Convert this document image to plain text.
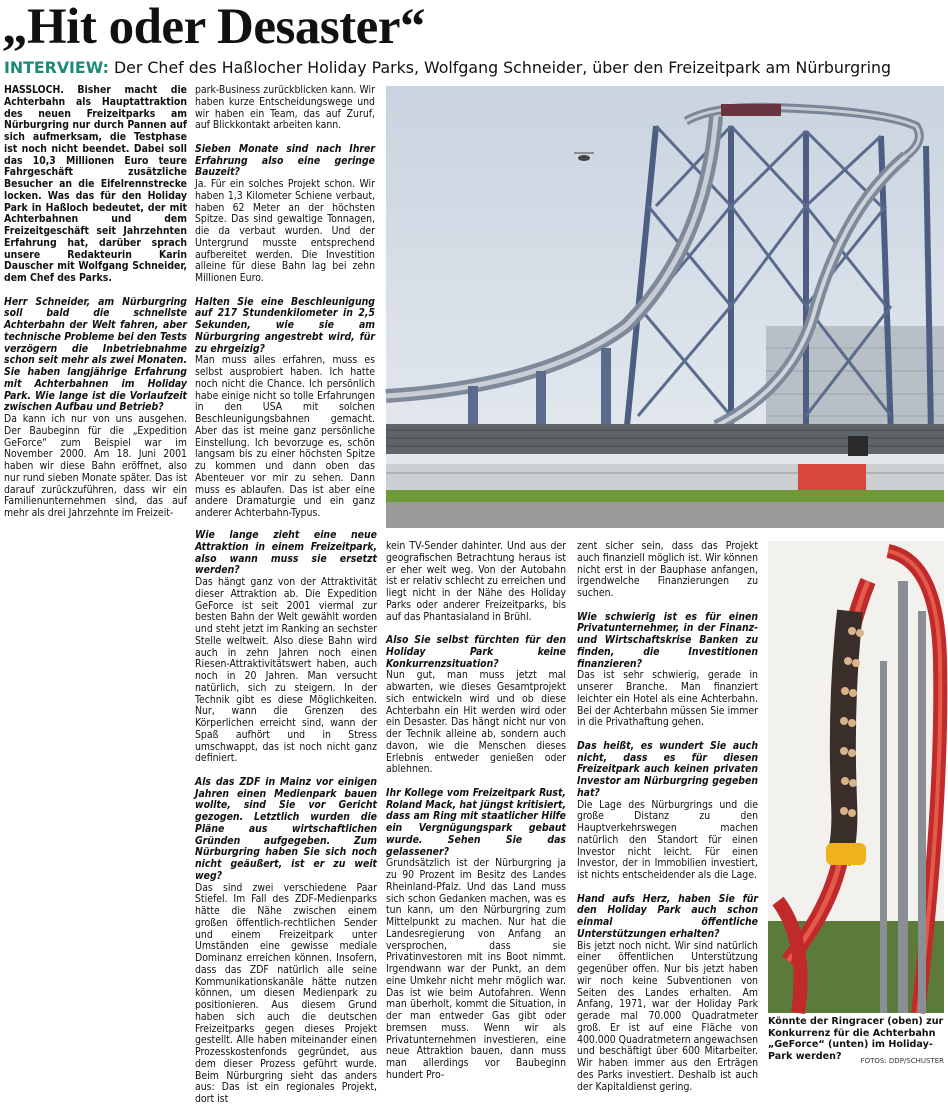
„Hit oder Desaster“
INTERVIEW: Der Chef des Haßlocher Holiday Parks, Wolfgang Schneider, über den Freizeitpark am Nürburgring

HASSLOCH. Bisher macht die Achterbahn als Hauptattraktion des neuen Freizeitparks am Nürburgring nur durch Pannen auf sich aufmerksam, die Testphase ist noch nicht beendet. Dabei soll das 10,3 Millionen Euro teure Fahrgeschäft zusätzliche Besucher an die Eifelrennstrecke locken. Was das für den Holiday Park in Haßloch bedeutet, der mit Achterbahnen und dem Freizeitgeschäft seit Jahrzehnten Erfahrung hat, darüber sprach unsere Redakteurin Karin Dauscher mit Wolfgang Schneider, dem Chef des Parks.

Herr Schneider, am Nürburgring soll bald die schnellste Achterbahn der Welt fahren, aber technische Probleme bei den Tests verzögern die Inbetriebnahme schon seit mehr als zwei Monaten. Sie haben langjährige Erfahrung mit Achterbahnen im Holiday Park. Wie lange ist die Vorlaufzeit zwischen Aufbau und Betrieb?

Da kann ich nur von uns ausgehen. Der Baubeginn für die „Expedition GeForce“ zum Beispiel war im November 2000. Am 18. Juni 2001 haben wir diese Bahn eröffnet, also nur rund sieben Monate später. Das ist darauf zurückzuführen, dass wir ein Familienunternehmen sind, das auf mehr als drei Jahrzehnte im Freizeit-

park-Business zurückblicken kann. Wir haben kurze Entscheidungswege und wir haben ein Team, das auf Zuruf, auf Blickkontakt arbeiten kann.

Sieben Monate sind nach Ihrer Erfahrung also eine geringe Bauzeit?

Ja. Für ein solches Projekt schon. Wir haben 1,3 Kilometer Schiene verbaut, haben 62 Meter an der höchsten Spitze. Das sind gewaltige Tonnagen, die da verbaut wurden. Und der Untergrund musste entsprechend aufbereitet werden. Die Investition alleine für diese Bahn lag bei zehn Millionen Euro.

Halten Sie eine Beschleunigung auf 217 Stundenkilometer in 2,5 Sekunden, wie sie am Nürburgring angestrebt wird, für zu ehrgeizig?

Man muss alles erfahren, muss es selbst ausprobiert haben. Ich hatte noch nicht die Chance. Ich persönlich habe einige nicht so tolle Erfahrungen in den USA mit solchen Beschleunigungsbahnen gemacht. Aber das ist meine ganz persönliche Einstellung. Ich bevorzuge es, schön langsam bis zu einer höchsten Spitze zu kommen und dann oben das Abenteuer vor mir zu sehen. Dann muss es ablaufen. Das ist aber eine andere Dramaturgie und ein ganz anderer Achterbahn-Typus.

Wie lange zieht eine neue Attraktion in einem Freizeitpark, also wann muss sie ersetzt werden?

Das hängt ganz von der Attraktivität dieser Attraktion ab. Die Expedition GeForce ist seit 2001 viermal zur besten Bahn der Welt gewählt worden und steht jetzt im Ranking an sechster Stelle weltweit. Also diese Bahn wird auch in zehn Jahren noch einen Riesen-Attraktivitätswert haben, auch noch in 20 Jahren. Man versucht natürlich, sich zu steigern. In der Technik gibt es diese Möglichkeiten. Nur, wann die Grenzen des Körperlichen erreicht sind, wann der Spaß aufhört und in Stress umschwappt, das ist noch nicht ganz definiert.

Als das ZDF in Mainz vor einigen Jahren einen Medienpark bauen wollte, sind Sie vor Gericht gezogen. Letztlich wurden die Pläne aus wirtschaftlichen Gründen aufgegeben. Zum Nürburgring haben Sie sich noch nicht geäußert, ist er zu weit weg?

Das sind zwei verschiedene Paar Stiefel. Im Fall des ZDF-Medienparks hätte die Nähe zwischen einem großen öffentlich-rechtlichen Sender und einem Freizeitpark unter Umständen eine gewisse mediale Dominanz erreichen können. Insofern, dass das ZDF natürlich alle seine Kommunikationskanäle hätte nutzen können, um diesen Medienpark zu positionieren. Aus diesem Grund haben sich auch die deutschen Freizeitparks gegen dieses Projekt gestellt. Alle haben miteinander einen Prozesskostenfonds gegründet, aus dem dieser Prozess geführt wurde. Beim Nürburgring sieht das anders aus: Das ist ein regionales Projekt, dort ist

kein TV-Sender dahinter. Und aus der geografischen Betrachtung heraus ist er eher weit weg. Von der Autobahn ist er relativ schlecht zu erreichen und liegt nicht in der Nähe des Holiday Parks oder anderer Freizeitparks, bis auf das Phantasialand in Brühl.

Also Sie selbst fürchten für den Holiday Park keine Konkurrenzsituation?

Nun gut, man muss jetzt mal abwarten, wie dieses Gesamtprojekt sich entwickeln wird und ob diese Achterbahn ein Hit werden wird oder ein Desaster. Das hängt nicht nur von der Technik alleine ab, sondern auch davon, wie die Menschen dieses Erlebnis entweder genießen oder ablehnen.

Ihr Kollege vom Freizeitpark Rust, Roland Mack, hat jüngst kritisiert, dass am Ring mit staatlicher Hilfe ein Vergnügungspark gebaut wurde. Sehen Sie das gelassener?

Grundsätzlich ist der Nürburgring ja zu 90 Prozent im Besitz des Landes Rheinland-Pfalz. Und das Land muss sich schon Gedanken machen, was es tun kann, um den Nürburgring zum Mittelpunkt zu machen. Nur hat die Landesregierung von Anfang an versprochen, dass sie Privatinvestoren mit ins Boot nimmt. Irgendwann war der Punkt, an dem eine Umkehr nicht mehr möglich war. Das ist wie beim Autofahren. Wenn man überholt, kommt die Situation, in der man entweder Gas gibt oder bremsen muss. Wenn wir als Privatunternehmen investieren, eine neue Attraktion bauen, dann muss man allerdings vor Baubeginn hundert Pro-

zent sicher sein, dass das Projekt auch finanziell möglich ist. Wir können nicht erst in der Bauphase anfangen, irgendwelche Finanzierungen zu suchen.

Wie schwierig ist es für einen Privatunternehmer, in der Finanz- und Wirtschaftskrise Banken zu finden, die Investitionen finanzieren?

Das ist sehr schwierig, gerade in unserer Branche. Man finanziert leichter ein Hotel als eine Achterbahn. Bei der Achterbahn müssen Sie immer in die Privathaftung gehen.

Das heißt, es wundert Sie auch nicht, dass es für diesen Freizeitpark auch keinen privaten Investor am Nürburgring gegeben hat?

Die Lage des Nürburgrings und die große Distanz zu den Hauptverkehrswegen machen natürlich den Standort für einen Investor nicht leicht. Für einen Investor, der in Immobilien investiert, ist nichts entscheidender als die Lage.

Hand aufs Herz, haben Sie für den Holiday Park auch schon einmal öffentliche Unterstützungen erhalten?

Bis jetzt noch nicht. Wir sind natürlich einer öffentlichen Unterstützung gegenüber offen. Nur bis jetzt haben wir noch keine Subventionen von Seiten des Landes erhalten. Am Anfang, 1971, war der Holiday Park gerade mal 70.000 Quadratmeter groß. Er ist auf eine Fläche von 400.000 Quadratmetern angewachsen und beschäftigt über 600 Mitarbeiter. Wir haben immer aus den Erträgen des Parks investiert. Deshalb ist auch der Kapitaldienst gering.

Könnte der Ringracer (oben) zur Konkurrenz für die Achterbahn „GeForce“ (unten) im Holiday-Park werden?	FOTOS: DDP/SCHUSTER
